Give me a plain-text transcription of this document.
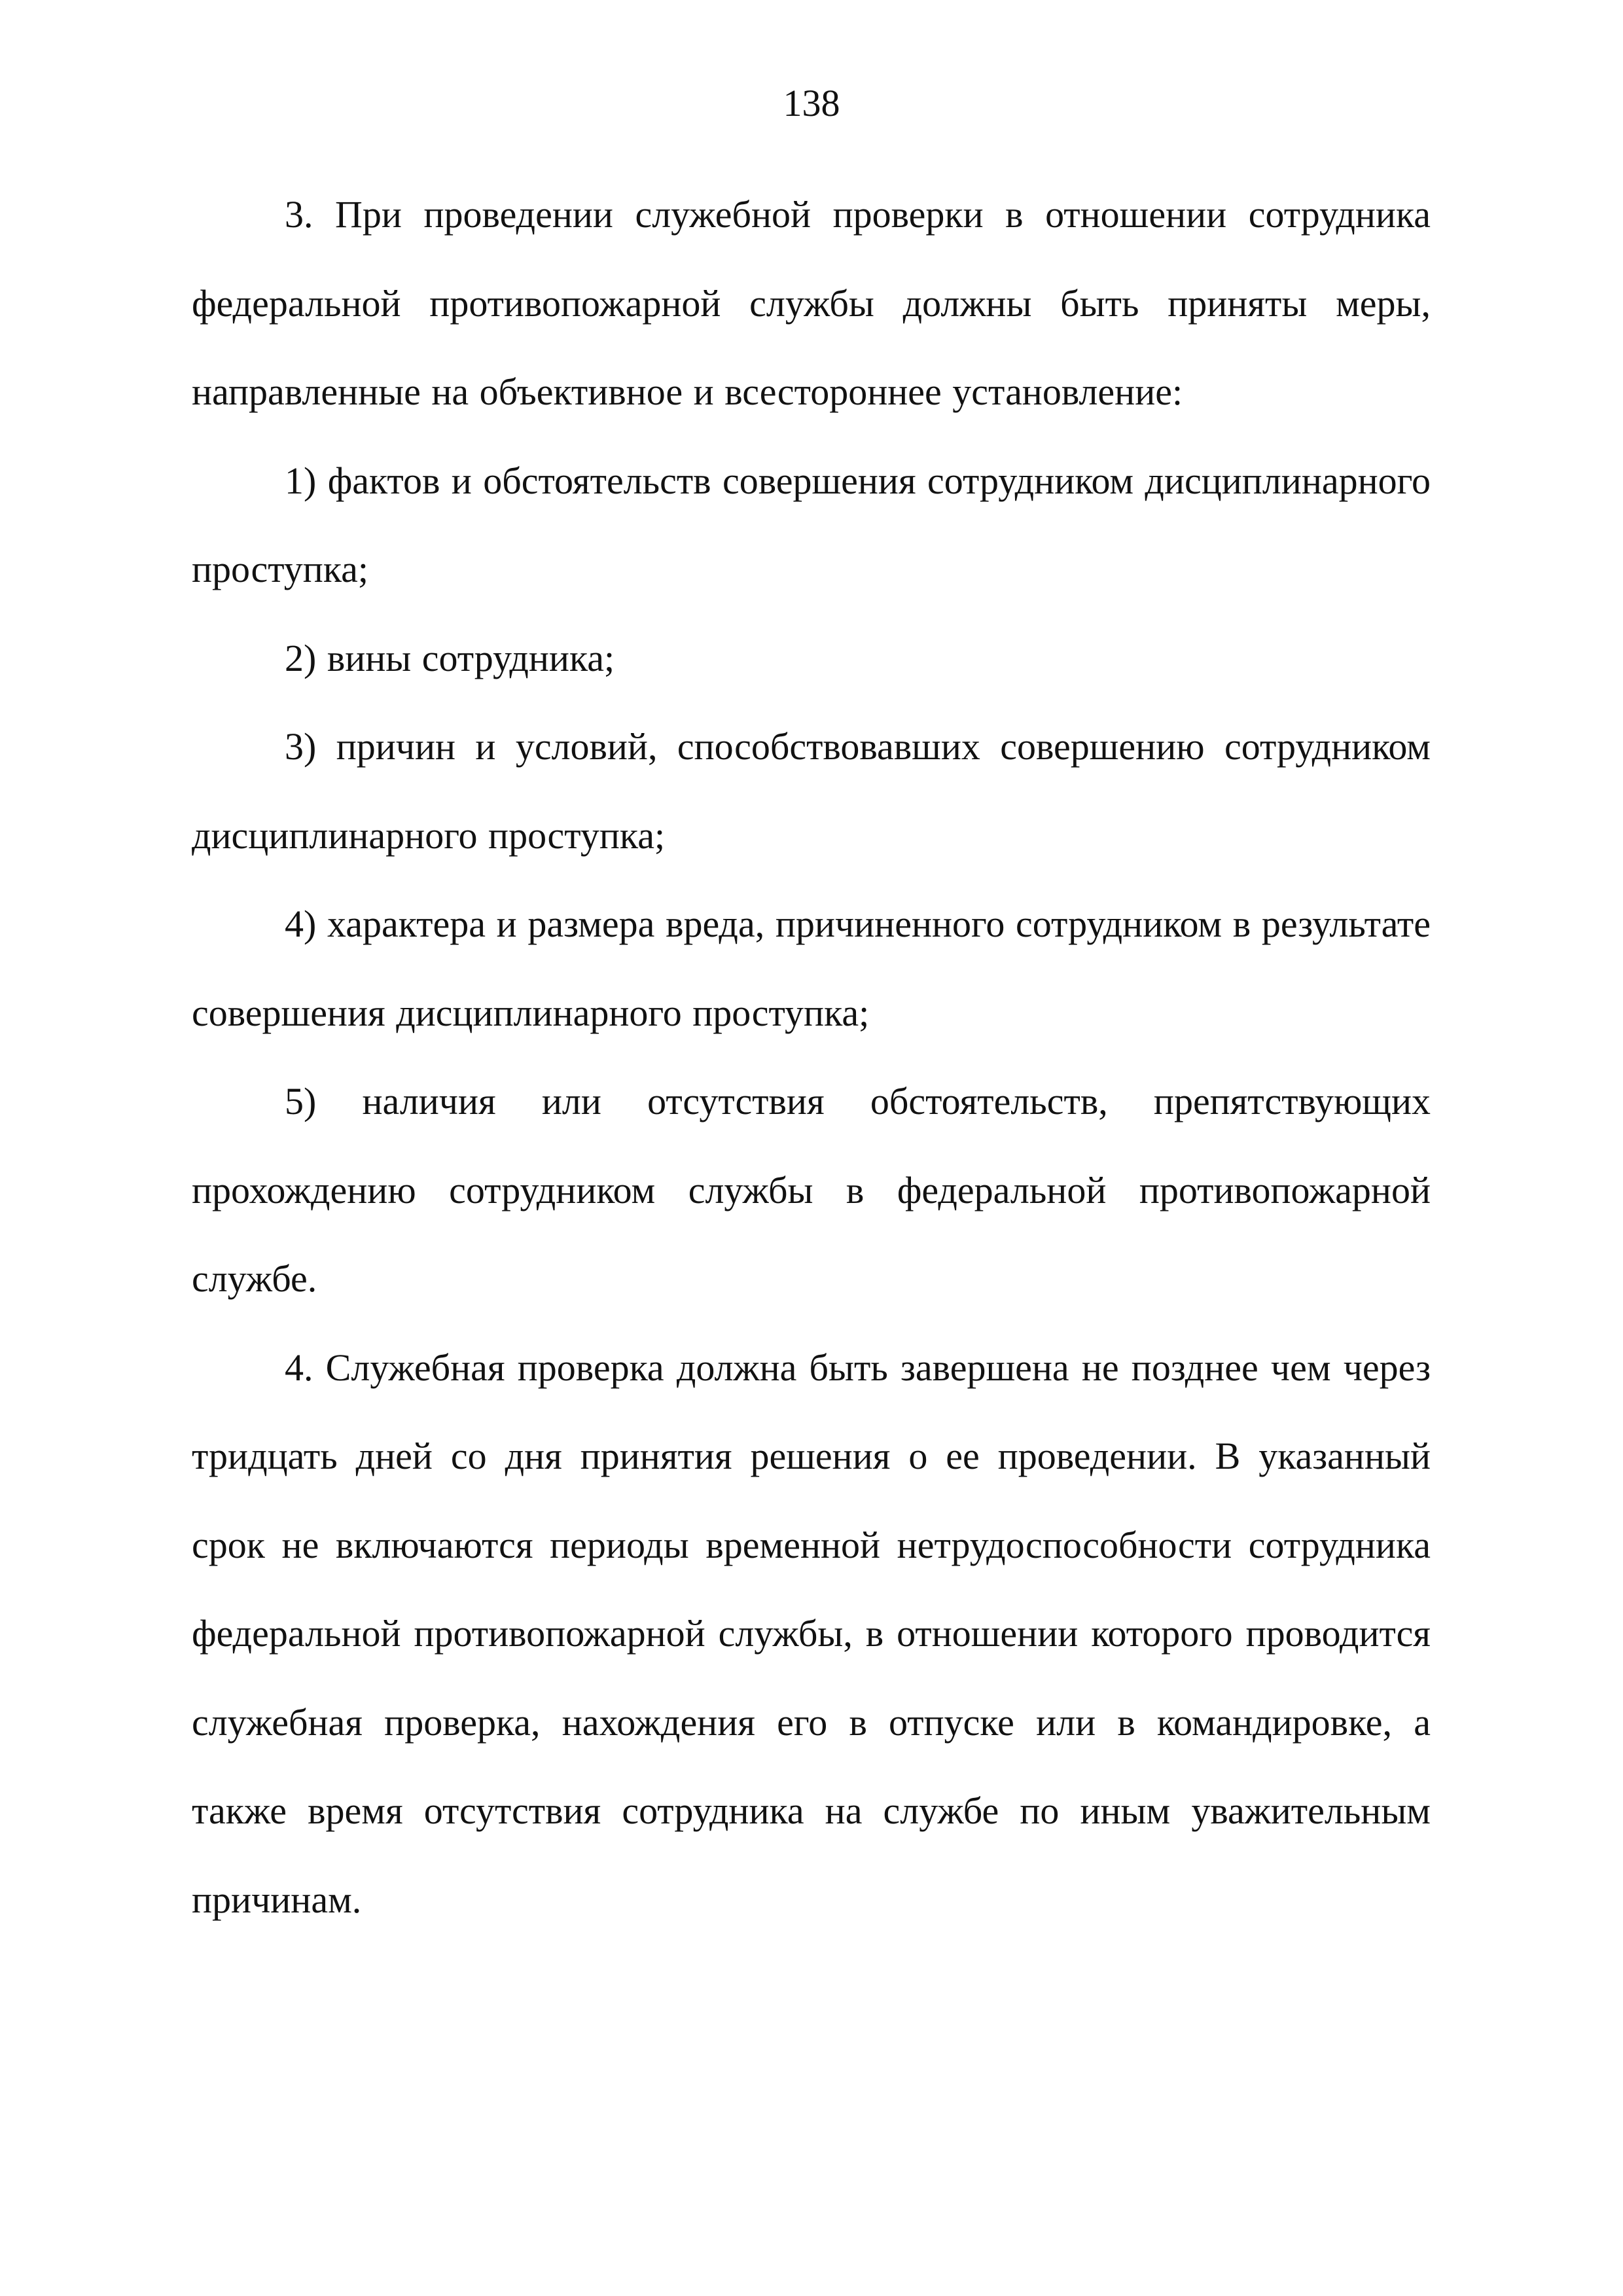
138

3. При проведении служебной проверки в отношении сотрудника федеральной противопожарной службы должны быть приняты меры, направленные на объективное и всестороннее установление:

1) фактов и обстоятельств совершения сотрудником дисциплинарного проступка;

2) вины сотрудника;

3) причин и условий, способствовавших совершению сотрудником дисциплинарного проступка;

4) характера и размера вреда, причиненного сотрудником в результате совершения дисциплинарного проступка;

5) наличия или отсутствия обстоятельств, препятствующих прохождению сотрудником службы в федеральной противопожарной службе.

4. Служебная проверка должна быть завершена не позднее чем через тридцать дней со дня принятия решения о ее проведении. В указанный срок не включаются периоды временной нетрудоспособности сотрудника федеральной противопожарной службы, в отношении которого проводится служебная проверка, нахождения его в отпуске или в командировке, а также время отсутствия сотрудника на службе по иным уважительным причинам.
